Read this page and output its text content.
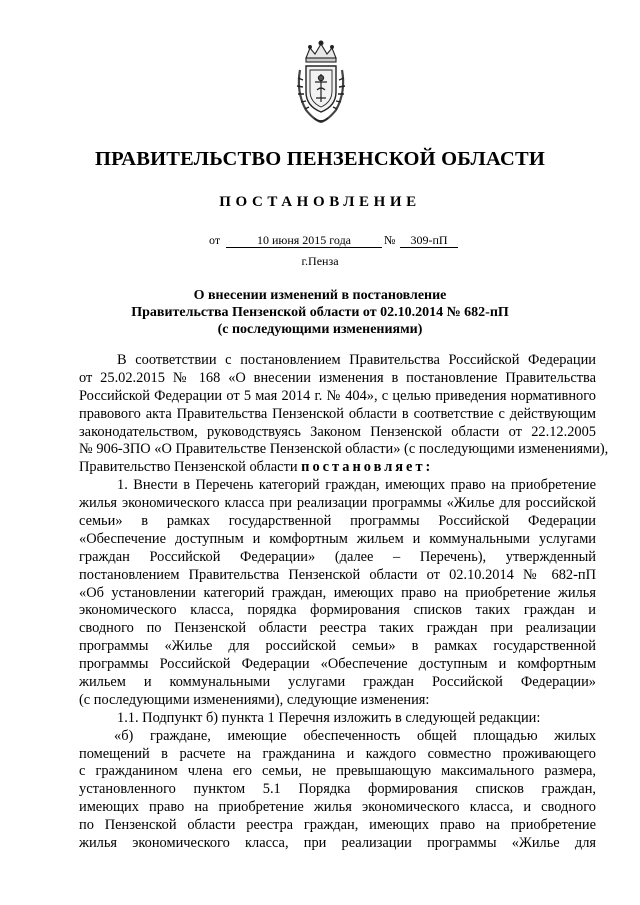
ПРАВИТЕЛЬСТВО ПЕНЗЕНСКОЙ ОБЛАСТИ
ПОСТАНОВЛЕНИЕ
от	10 июня 2015 года	№	309-пП
г.Пенза
О внесении изменений в постановление
Правительства Пензенской области от 02.10.2014 № 682-пП
(с последующими изменениями)
В соответствии с постановлением Правительства Российской Федерации
от 25.02.2015 № 168 «О внесении изменения в постановление Правительства
Российской Федерации от 5 мая 2014 г. № 404», с целью приведения нормативного
правового акта Правительства Пензенской области в соответствие с действующим
законодательством, руководствуясь Законом Пензенской области от 22.12.2005
№ 906-ЗПО «О Правительстве Пензенской области» (с последующими изменениями),
Правительство Пензенской области постановляет:
1. Внести в Перечень категорий граждан, имеющих право на приобретение
жилья экономического класса при реализации программы «Жилье для российской
семьи» в рамках государственной программы Российской Федерации
«Обеспечение доступным и комфортным жильем и коммунальными услугами
граждан Российской Федерации» (далее – Перечень), утвержденный
постановлением Правительства Пензенской области от 02.10.2014 № 682-пП
«Об установлении категорий граждан, имеющих право на приобретение жилья
экономического класса, порядка формирования списков таких граждан и
сводного по Пензенской области реестра таких граждан при реализации
программы «Жилье для российской семьи» в рамках государственной
программы Российской Федерации «Обеспечение доступным и комфортным
жильем и коммунальными услугами граждан Российской Федерации»
(с последующими изменениями), следующие изменения:
1.1. Подпункт б) пункта 1 Перечня изложить в следующей редакции:
«б) граждане, имеющие обеспеченность общей площадью жилых
помещений в расчете на гражданина и каждого совместно проживающего
с гражданином члена его семьи, не превышающую максимального размера,
установленного пунктом 5.1 Порядка формирования списков граждан,
имеющих право на приобретение жилья экономического класса, и сводного
по Пензенской области реестра граждан, имеющих право на приобретение
жилья экономического класса, при реализации программы «Жилье для
